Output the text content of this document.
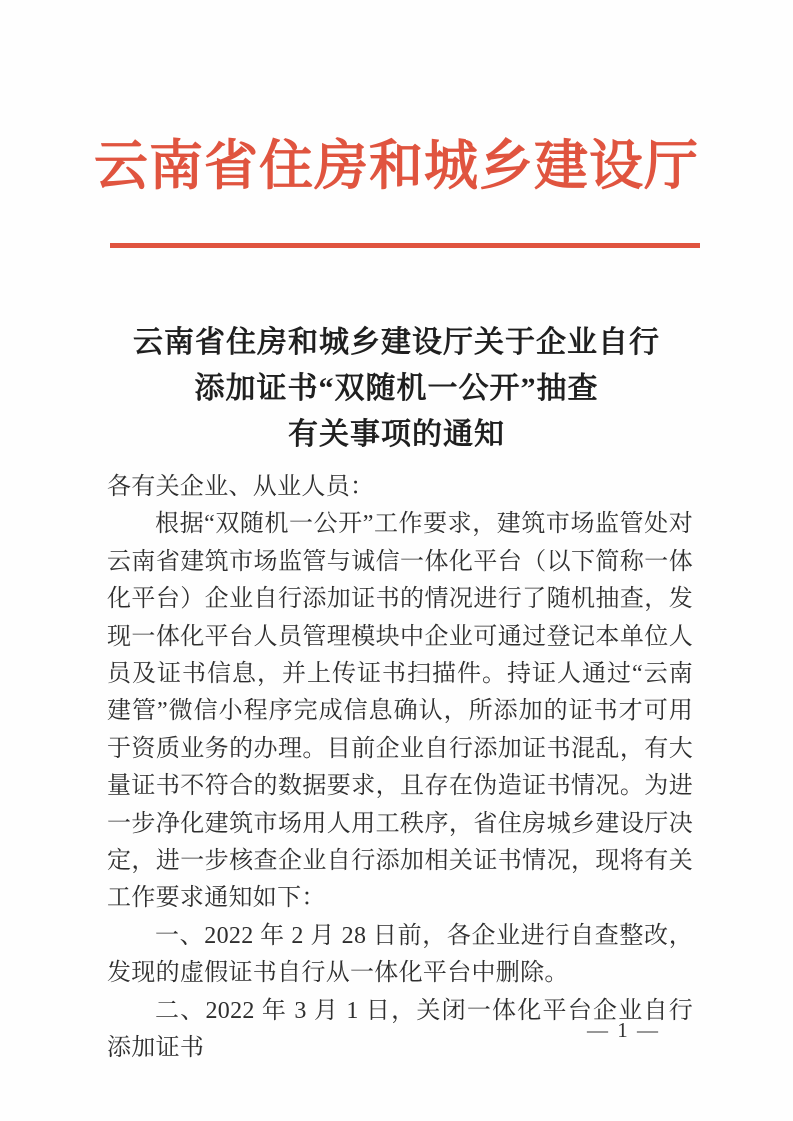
云南省住房和城乡建设厅
云南省住房和城乡建设厅关于企业自行
添加证书“双随机一公开”抽查
有关事项的通知

各有关企业、从业人员：

根据“双随机一公开”工作要求，建筑市场监管处对云南省建筑市场监管与诚信一体化平台（以下简称一体化平台）企业自行添加证书的情况进行了随机抽查，发现一体化平台人员管理模块中企业可通过登记本单位人员及证书信息，并上传证书扫描件。持证人通过“云南建管”微信小程序完成信息确认，所添加的证书才可用于资质业务的办理。目前企业自行添加证书混乱，有大量证书不符合的数据要求，且存在伪造证书情况。为进一步净化建筑市场用人用工秩序，省住房城乡建设厅决定，进一步核查企业自行添加相关证书情况，现将有关工作要求通知如下：

一、2022 年 2 月 28 日前，各企业进行自查整改，发现的虚假证书自行从一体化平台中删除。

二、2022 年 3 月 1 日，关闭一体化平台企业自行添加证书

— 1 —
